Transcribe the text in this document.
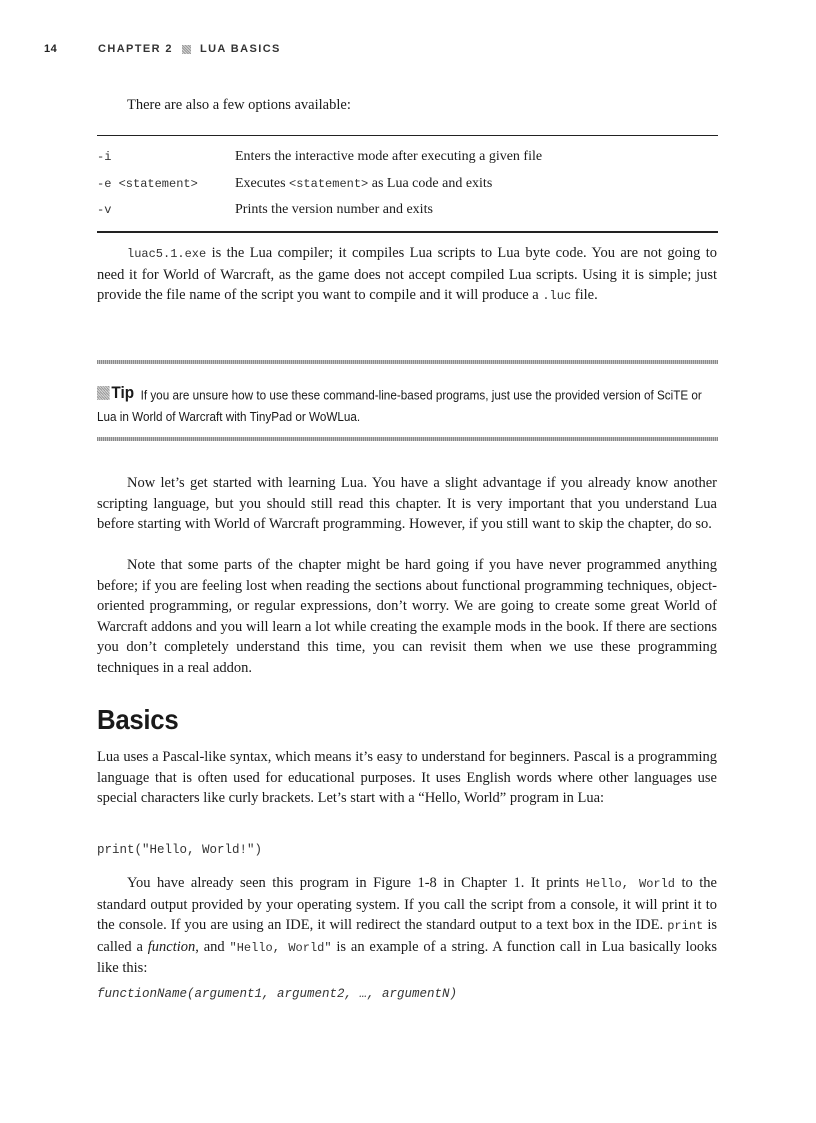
14	CHAPTER 2 LUA BASICS
There are also a few options available:
-i	Enters the interactive mode after executing a given file
-e <statement>	Executes <statement> as Lua code and exits
-v	Prints the version number and exits
luac5.1.exe is the Lua compiler; it compiles Lua scripts to Lua byte code. You are not going to need it for World of Warcraft, as the game does not accept compiled Lua scripts. Using it is simple; just provide the file name of the script you want to compile and it will produce a .luc file.
Tip If you are unsure how to use these command-line-based programs, just use the provided version of SciTE or Lua in World of Warcraft with TinyPad or WoWLua.
Now let’s get started with learning Lua. You have a slight advantage if you already know another scripting language, but you should still read this chapter. It is very important that you understand Lua before starting with World of Warcraft programming. However, if you still want to skip the chapter, do so.
Note that some parts of the chapter might be hard going if you have never programmed anything before; if you are feeling lost when reading the sections about functional programming techniques, object-oriented programming, or regular expressions, don’t worry. We are going to create some great World of Warcraft addons and you will learn a lot while creating the example mods in the book. If there are sections you don’t completely understand this time, you can revisit them when we use these programming techniques in a real addon.
Basics
Lua uses a Pascal-like syntax, which means it’s easy to understand for beginners. Pascal is a programming language that is often used for educational purposes. It uses English words where other languages use special characters like curly brackets. Let’s start with a “Hello, World” program in Lua:
print("Hello, World!")
You have already seen this program in Figure 1-8 in Chapter 1. It prints Hello, World to the standard output provided by your operating system. If you call the script from a console, it will print it to the console. If you are using an IDE, it will redirect the standard output to a text box in the IDE. print is called a function, and "Hello, World" is an example of a string. A function call in Lua basically looks like this:
functionName(argument1, argument2, …, argumentN)
